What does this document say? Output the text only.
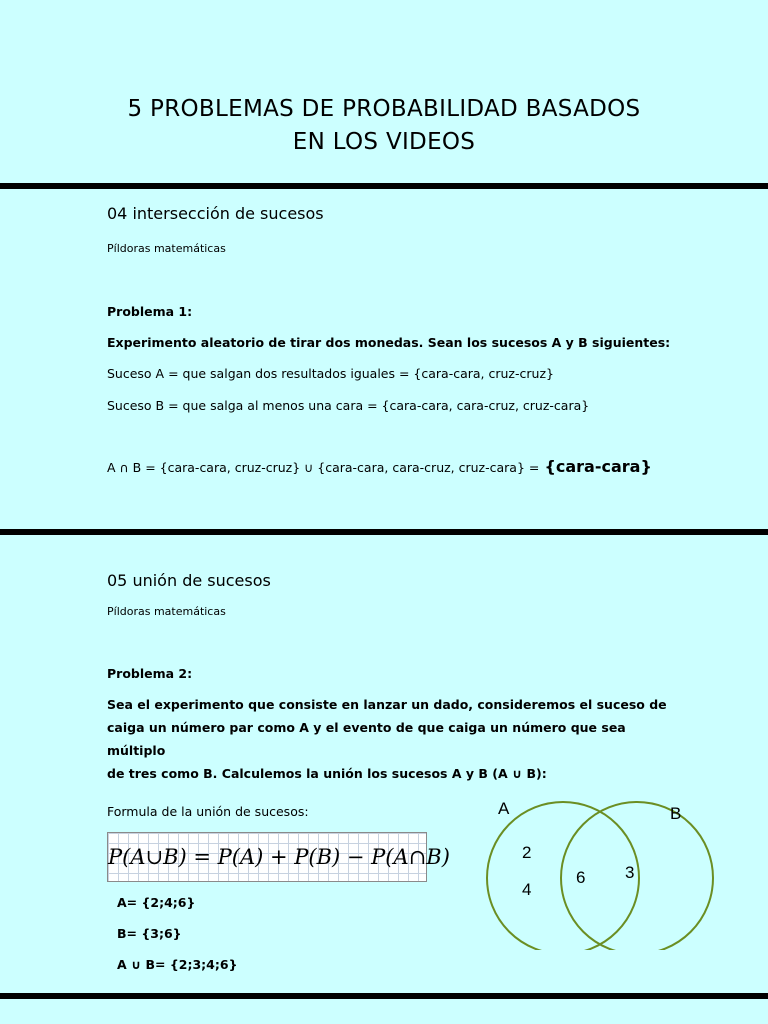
5 PROBLEMAS DE PROBABILIDAD BASADOS
EN LOS VIDEOS
04 intersección de sucesos
Píldoras matemáticas
Problema 1:
Experimento aleatorio de tirar dos monedas. Sean los sucesos A y B siguientes:
Suceso A = que salgan dos resultados iguales = {cara-cara, cruz-cruz}
Suceso B = que salga al menos una cara = {cara-cara, cara-cruz, cruz-cara}
A ∩ B = {cara-cara, cruz-cruz} ∪ {cara-cara, cara-cruz, cruz-cara} = {cara-cara}
05 unión de sucesos
Píldoras matemáticas
Problema 2:
Sea el experimento que consiste en lanzar un dado, consideremos el suceso de
caiga un número par como A y el evento de que caiga un número que sea múltiplo
de tres como B. Calculemos la unión los sucesos A y B (A ∪ B):
Formula de la unión de sucesos:
P(A∪B) = P(A) + P(B) − P(A∩B)
A= {2;4;6}
B= {3;6}
A ∪ B= {2;3;4;6}
A	B
2
4
6 3
